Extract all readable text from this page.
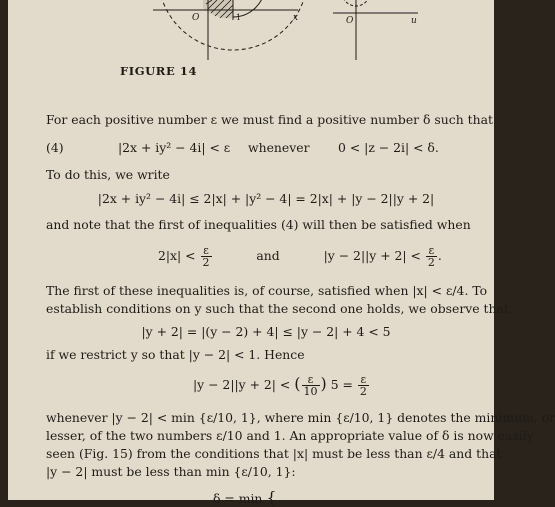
O	1	x	O	u
FIGURE 14
For each positive number ε we must find a positive number δ such that
(4)	|2x + iy² − 4i| < ε	whenever	0 < |z − 2i| < δ.
To do this, we write
|2x + iy² − 4i| ≤ 2|x| + |y² − 4| = 2|x| + |y − 2||y + 2|
and note that the first of inequalities (4) will then be satisfied when
$2|x| < \frac{\varepsilon}{2}$	and	$|y - 2||y + 2| < \frac{\varepsilon}{2}$ .
The first of these inequalities is, of course, satisfied when |x| < ε/4. To
establish conditions on y such that the second one holds, we observe that
|y + 2| = |(y − 2) + 4| ≤ |y − 2| + 4 < 5
if we restrict y so that |y − 2| < 1. Hence
|y − 2||y + 2| < ( $\frac{\varepsilon}{10}$ ) $5 = \frac{\varepsilon}{2}$
whenever |y − 2| < min {ε/10, 1}, where min {ε/10, 1} denotes the minimum, or
lesser, of the two numbers ε/10 and 1. An appropriate value of δ is now easily
seen (Fig. 15) from the conditions that |x| must be less than ε/4 and that
|y − 2| must be less than min {ε/10, 1}:
δ = min {
